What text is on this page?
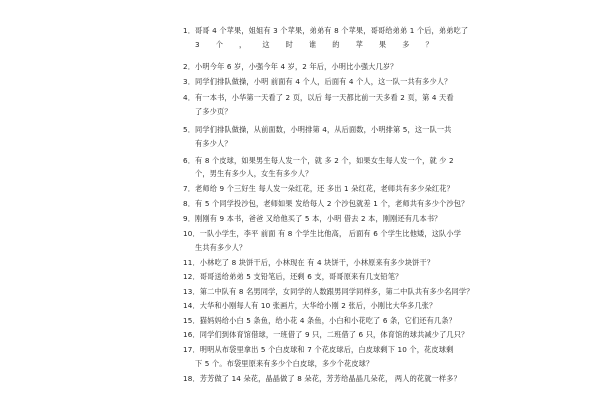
1．哥哥 4 个苹果，姐姐有 3 个苹果，弟弟有 8 个苹果，哥哥给弟弟 1 个后，弟弟吃了
3 个 ， 这 时 谁 的 苹 果 多 ？
2．小明今年 6 岁，小强今年 4 岁，2 年后，小明比小强大几岁？
3．同学们排队做操，小明 前面有 4 个人，后面有 4 个人，这一队一共有多少人？
4．有一本书，小华第一天看了 2 页，以后 每一天都比前一天多看 2 页，第 4 天看
了多少页？
5．同学们排队做操，从前面数，小明排第 4，从后面数，小明排第 5，这一队一共
有多少人？
6．有 8 个皮球，如果男生每人发一个，就 多 2 个，如果女生每人发一个，就 少 2
个，男生有多少人，女生有多少人？
7．老师给 9 个三好生 每人发一朵红花，还 多出 1 朵红花，老师共有多少朵红花？
8．有 5 个同学投沙包，老师如果 发给每人 2 个沙包就差 1 个，老师共有多少个沙包？
9．刚刚有 9 本书，爸爸 又给他买了 5 本，小明 借去 2 本，刚刚还有几本书？
10．一队小学生，李平 前面 有 8 个学生比他高， 后面有 6 个学生比他矮，这队小学
生共有多少人？
11．小林吃了 8 块饼干后，小林现在 有 4 块饼干，小林原来有多少块饼干？
12．哥哥送给弟弟 5 支铅笔后，还剩 6 支，哥哥原来有几支铅笔？
13．第二中队有 8 名男同学，女同学的人数跟男同学同样多，第二中队共有多少名同学？
14．大华和小刚每人有 10 张画片，大华给小刚 2 张后，小刚比大华多几张？
15．猫妈妈给小白 5 条鱼，给小花 4 条鱼，小白和小花吃了 6 条，它们还有几条？
16．同学们到体育馆借球，一班借了 9 只，二班借了 6 只，体育馆的球共减少了几只？
17．明明从布袋里拿出 5 个白皮球和 7 个花皮球后，白皮球剩下 10 个，花皮球剩
下 5 个。布袋里原来有多少个白皮球，多少个花皮球？
18．芳芳做了 14 朵花，晶晶做了 8 朵花，芳芳给晶晶几朵花， 两人的花就一样多？
